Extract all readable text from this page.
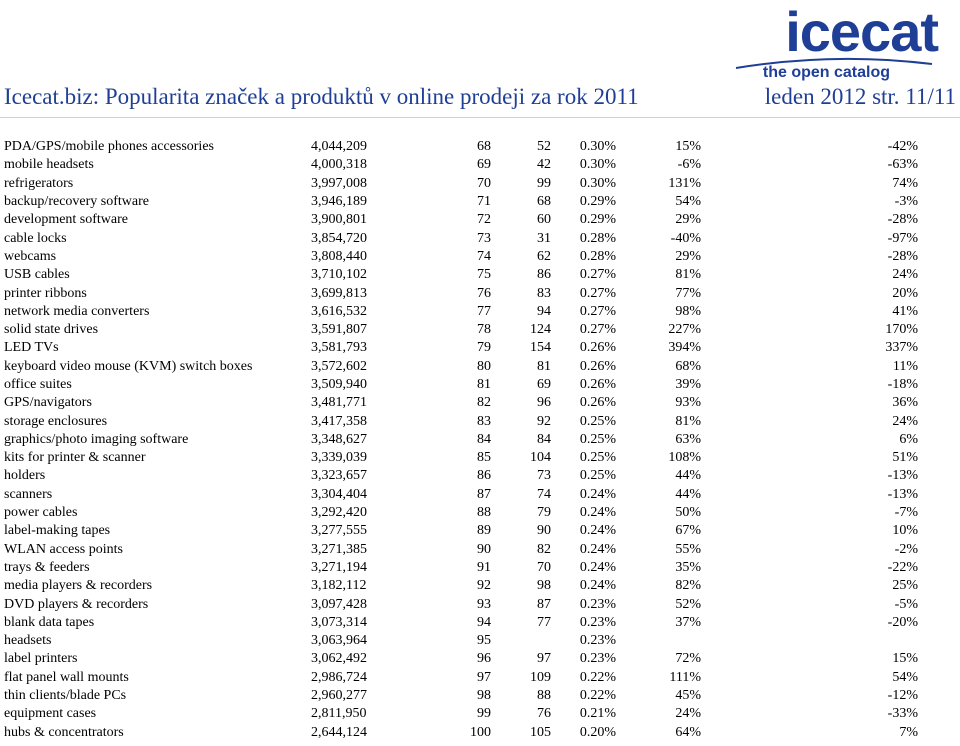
icecat
the open catalog
Icecat.biz: Popularita značek a produktů v online prodeji za rok 2011	leden 2012 str. 11/11
PDA/GPS/mobile phones accessories	4,044,209	68	52	0.30%	15%	-42%
mobile headsets	4,000,318	69	42	0.30%	-6%	-63%
refrigerators	3,997,008	70	99	0.30%	131%	74%
backup/recovery software	3,946,189	71	68	0.29%	54%	-3%
development software	3,900,801	72	60	0.29%	29%	-28%
cable locks	3,854,720	73	31	0.28%	-40%	-97%
webcams	3,808,440	74	62	0.28%	29%	-28%
USB cables	3,710,102	75	86	0.27%	81%	24%
printer ribbons	3,699,813	76	83	0.27%	77%	20%
network media converters	3,616,532	77	94	0.27%	98%	41%
solid state drives	3,591,807	78	124	0.27%	227%	170%
LED TVs	3,581,793	79	154	0.26%	394%	337%
keyboard video mouse (KVM) switch boxes	3,572,602	80	81	0.26%	68%	11%
office suites	3,509,940	81	69	0.26%	39%	-18%
GPS/navigators	3,481,771	82	96	0.26%	93%	36%
storage enclosures	3,417,358	83	92	0.25%	81%	24%
graphics/photo imaging software	3,348,627	84	84	0.25%	63%	6%
kits for printer & scanner	3,339,039	85	104	0.25%	108%	51%
holders	3,323,657	86	73	0.25%	44%	-13%
scanners	3,304,404	87	74	0.24%	44%	-13%
power cables	3,292,420	88	79	0.24%	50%	-7%
label-making tapes	3,277,555	89	90	0.24%	67%	10%
WLAN access points	3,271,385	90	82	0.24%	55%	-2%
trays & feeders	3,271,194	91	70	0.24%	35%	-22%
media players & recorders	3,182,112	92	98	0.24%	82%	25%
DVD players & recorders	3,097,428	93	87	0.23%	52%	-5%
blank data tapes	3,073,314	94	77	0.23%	37%	-20%
headsets	3,063,964	95		0.23%		
label printers	3,062,492	96	97	0.23%	72%	15%
flat panel wall mounts	2,986,724	97	109	0.22%	111%	54%
thin clients/blade PCs	2,960,277	98	88	0.22%	45%	-12%
equipment cases	2,811,950	99	76	0.21%	24%	-33%
hubs & concentrators	2,644,124	100	105	0.20%	64%	7%
